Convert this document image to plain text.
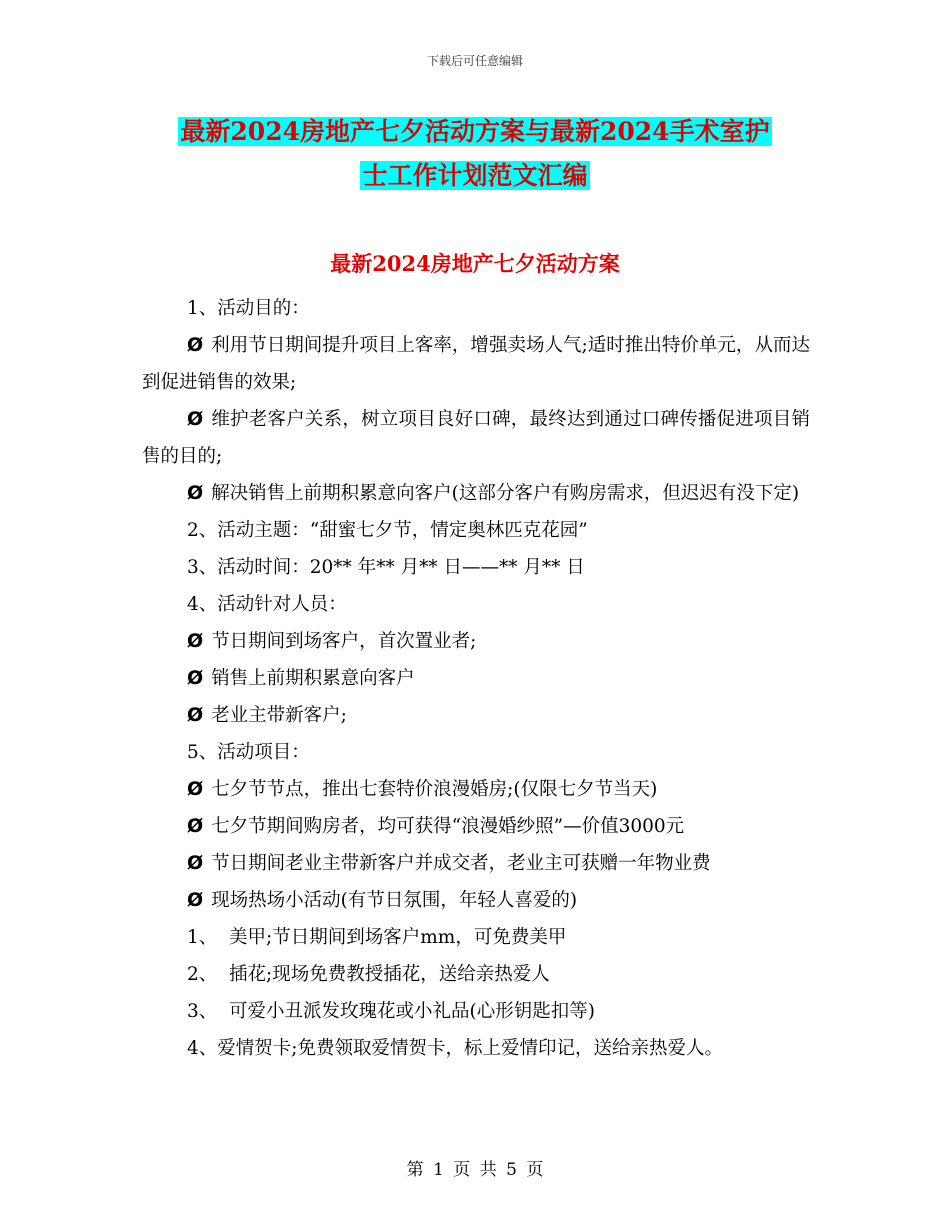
下载后可任意编辑
最新2024房地产七夕活动方案与最新2024手术室护
士工作计划范文汇编
最新2024房地产七夕活动方案

1、活动目的：

Ø 利用节日期间提升项目上客率，增强卖场人气;适时推出特价单元，从而达到促进销售的效果;

Ø 维护老客户关系，树立项目良好口碑，最终达到通过口碑传播促进项目销售的目的;

Ø 解决销售上前期积累意向客户(这部分客户有购房需求，但迟迟有没下定)

2、活动主题：“甜蜜七夕节，情定奥林匹克花园”

3、活动时间：20** 年** 月** 日——** 月** 日

4、活动针对人员：

Ø 节日期间到场客户，首次置业者;

Ø 销售上前期积累意向客户

Ø 老业主带新客户;

5、活动项目：

Ø 七夕节节点，推出七套特价浪漫婚房;(仅限七夕节当天)

Ø 七夕节期间购房者，均可获得“浪漫婚纱照”—价值3000元

Ø 节日期间老业主带新客户并成交者，老业主可获赠一年物业费

Ø 现场热场小活动(有节日氛围，年轻人喜爱的)

1、  美甲;节日期间到场客户mm，可免费美甲

2、  插花;现场免费教授插花，送给亲热爱人

3、  可爱小丑派发玫瑰花或小礼品(心形钥匙扣等)

4、爱情贺卡;免费领取爱情贺卡，标上爱情印记，送给亲热爱人。

第 1 页 共 5 页
